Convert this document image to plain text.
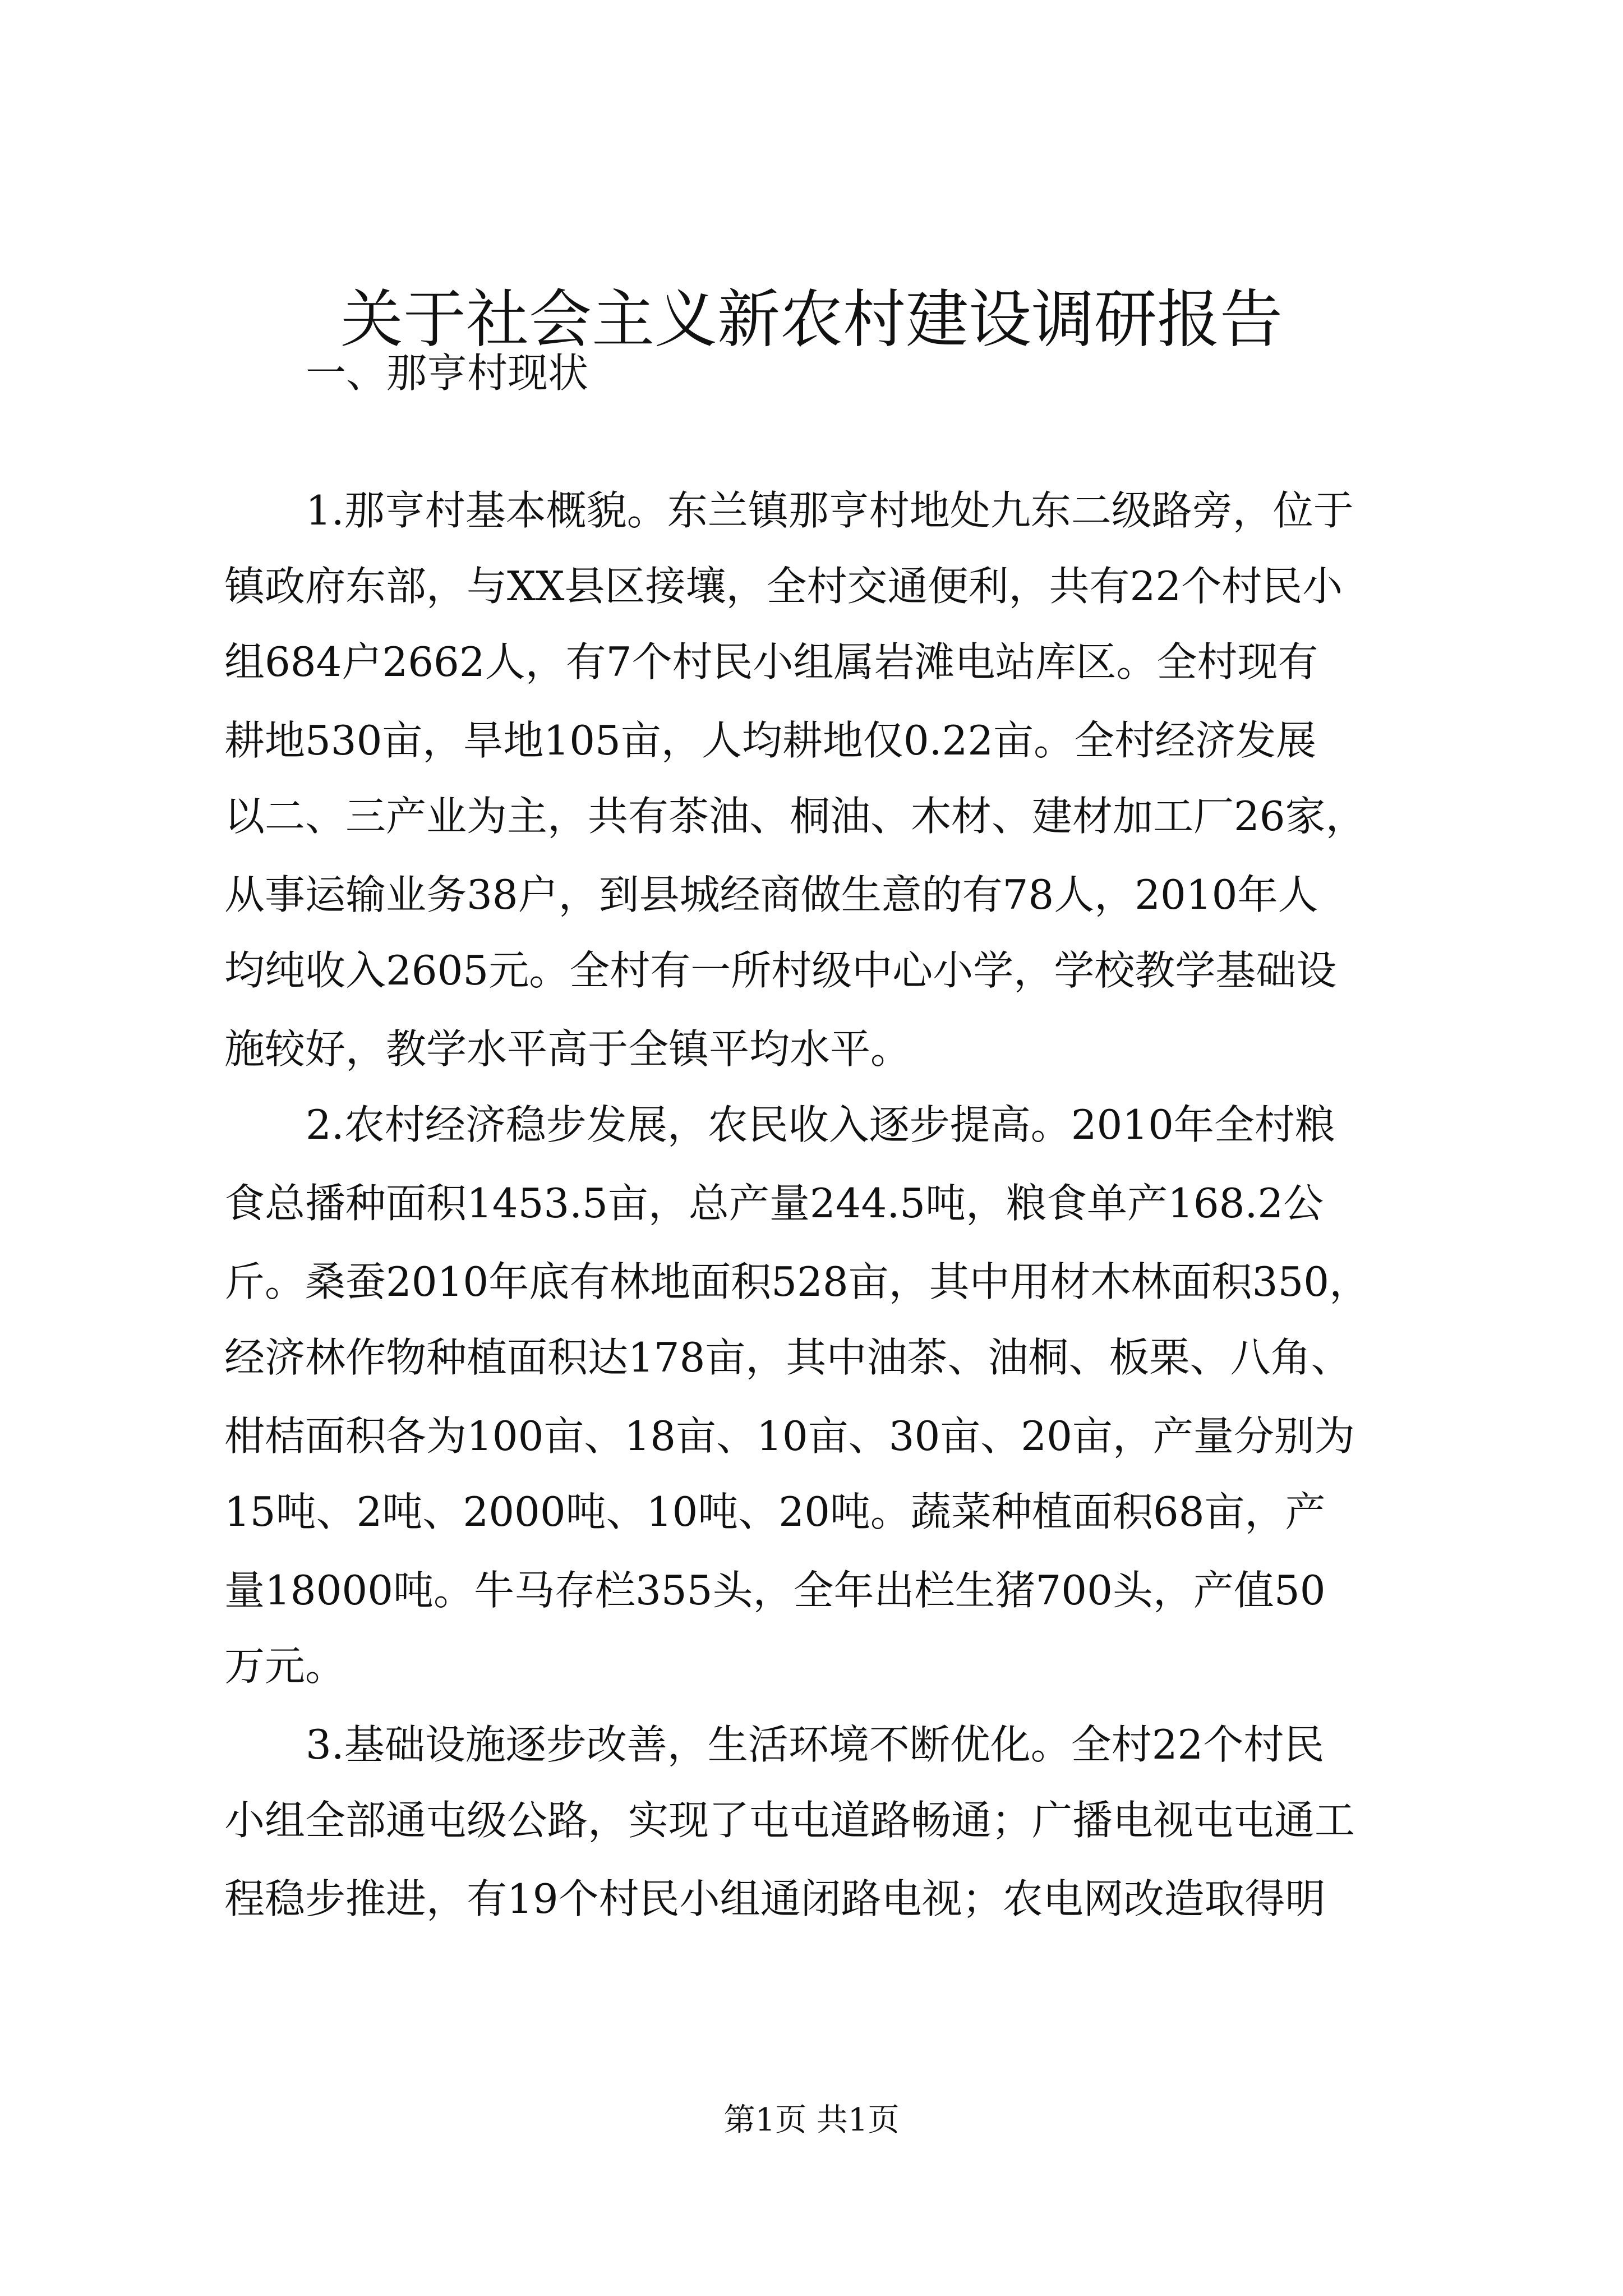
关于社会主义新农村建设调研报告
一、那亨村现状
1.那亨村基本概貌。东兰镇那亨村地处九东二级路旁，位于
镇政府东部，与XX县区接壤，全村交通便利，共有22个村民小
组684户2662人，有7个村民小组属岩滩电站库区。全村现有
耕地530亩，旱地105亩，人均耕地仅0.22亩。全村经济发展
以二、三产业为主，共有茶油、桐油、木材、建材加工厂26家，
从事运输业务38户，到县城经商做生意的有78人，2010年人
均纯收入2605元。全村有一所村级中心小学，学校教学基础设
施较好，教学水平高于全镇平均水平。
2.农村经济稳步发展，农民收入逐步提高。2010年全村粮
食总播种面积1453.5亩，总产量244.5吨，粮食单产168.2公
斤。桑蚕2010年底有林地面积528亩，其中用材木林面积350，
经济林作物种植面积达178亩，其中油茶、油桐、板栗、八角、
柑桔面积各为100亩、18亩、10亩、30亩、20亩，产量分别为
15吨、2吨、2000吨、10吨、20吨。蔬菜种植面积68亩，产
量18000吨。牛马存栏355头，全年出栏生猪700头，产值50
万元。
3.基础设施逐步改善，生活环境不断优化。全村22个村民
小组全部通屯级公路，实现了屯屯道路畅通；广播电视屯屯通工
程稳步推进，有19个村民小组通闭路电视；农电网改造取得明
第1页 共1页
